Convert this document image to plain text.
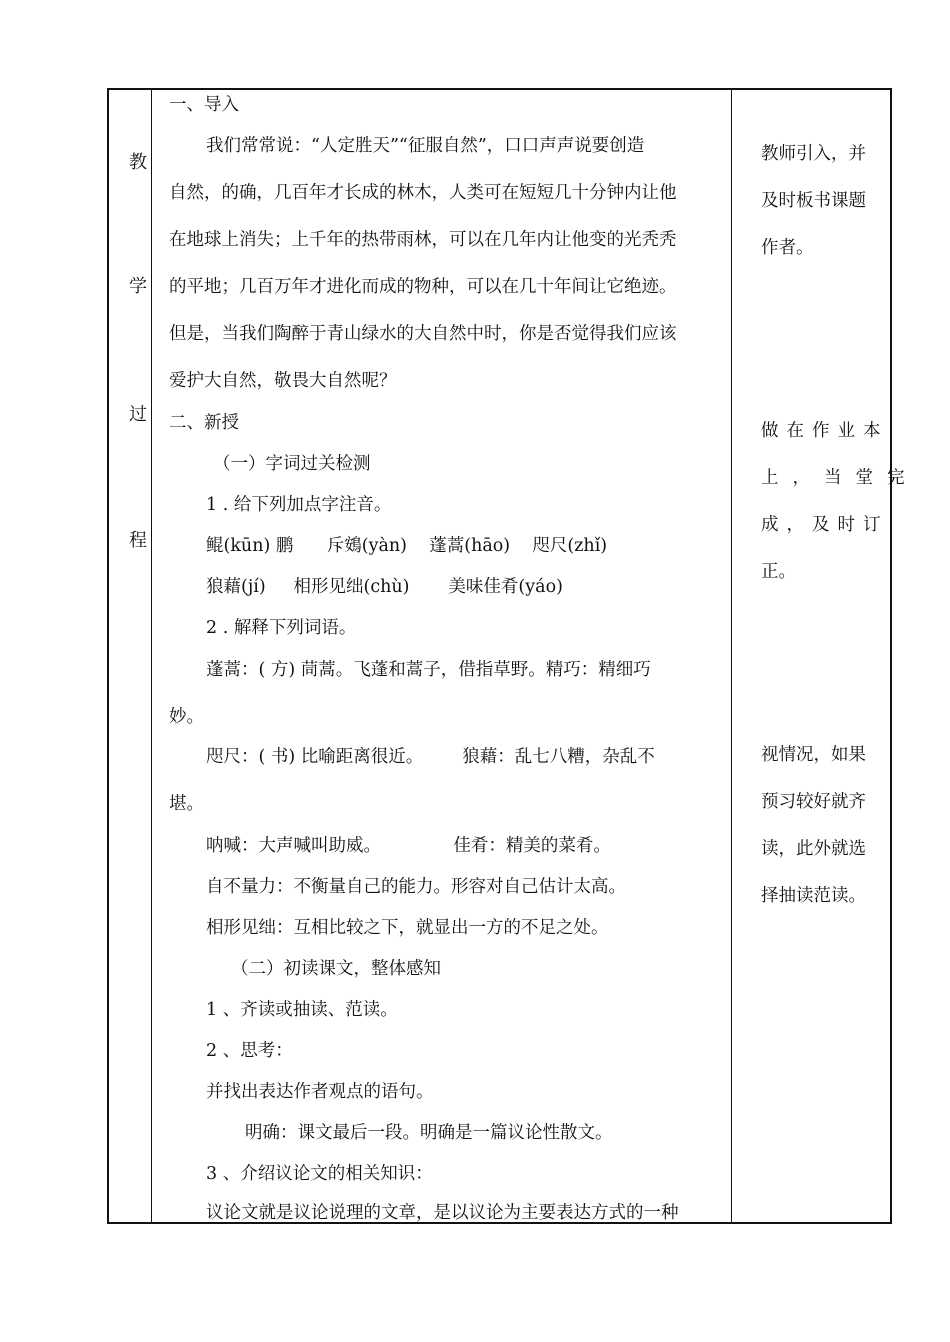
教
学
过
程
一、导入
我们常常说：“人定胜天”“征服自然”，口口声声说要创造
自然，的确，几百年才长成的林木，人类可在短短几十分钟内让他
在地球上消失；上千年的热带雨林，可以在几年内让他变的光秃秃
的平地；几百万年才进化而成的物种，可以在几十年间让它绝迹。
但是，当我们陶醉于青山绿水的大自然中时，你是否觉得我们应该
爱护大自然，敬畏大自然呢？
二、新授
（一）字词过关检测
1 . 给下列加点字注音。
鲲(kūn) 鹏      斥鴳(yàn)    蓬蒿(hāo)    咫尺(zhǐ)
狼藉(jí)     相形见绌(chù)       美味佳肴(yáo)
2 . 解释下列词语。
蓬蒿：( 方) 茼蒿。飞蓬和蒿子，借指草野。精巧：精细巧
妙。
咫尺：( 书) 比喻距离很近。       狼藉：乱七八糟，杂乱不
堪。
呐喊：大声喊叫助威。             佳肴：精美的菜肴。
自不量力：不衡量自己的能力。形容对自己估计太高。
相形见绌：互相比较之下，就显出一方的不足之处。
（二）初读课文，整体感知
1 、齐读或抽读、范读。
2 、思考：
并找出表达作者观点的语句。
明确：课文最后一段。明确是一篇议论性散文。
3 、介绍议论文的相关知识：
议论文就是议论说理的文章，是以议论为主要表达方式的一种
教师引入，并
及时板书课题
作者。
做在作业本
上，当堂完
成，及时订
正。
视情况，如果
预习较好就齐
读，此外就选
择抽读范读。
